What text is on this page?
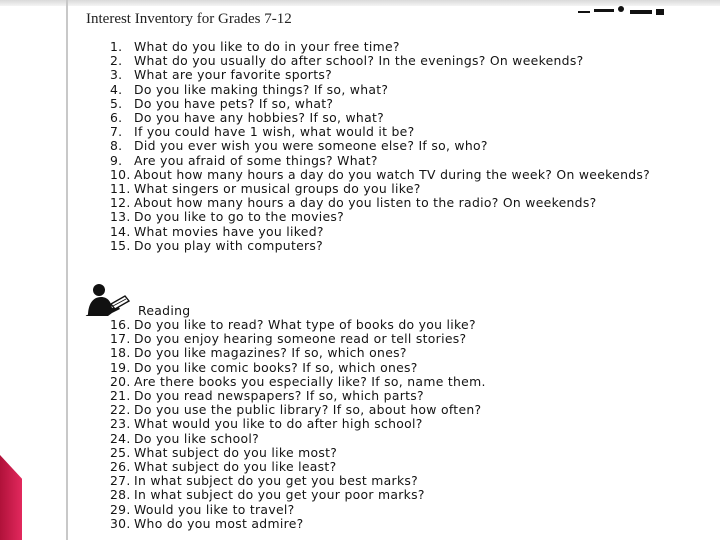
Interest Inventory for Grades 7-12
1. What do you like to do in your free time?
2. What do you usually do after school? In the evenings? On weekends?
3. What are your favorite sports?
4. Do you like making things? If so, what?
5. Do you have pets? If so, what?
6. Do you have any hobbies? If so, what?
7. If you could have 1 wish, what would it be?
8. Did you ever wish you were someone else? If so, who?
9. Are you afraid of some things? What?
10. About how many hours a day do you watch TV during the week? On weekends?
11. What singers or musical groups do you like?
12. About how many hours a day do you listen to the radio? On weekends?
13. Do you like to go to the movies?
14. What movies have you liked?
15. Do you play with computers?
Reading
16. Do you like to read? What type of books do you like?
17. Do you enjoy hearing someone read or tell stories?
18. Do you like magazines? If so, which ones?
19. Do you like comic books? If so, which ones?
20. Are there books you especially like? If so, name them.
21. Do you read newspapers? If so, which parts?
22. Do you use the public library? If so, about how often?
23. What would you like to do after high school?
24. Do you like school?
25. What subject do you like most?
26. What subject do you like least?
27. In what subject do you get you best marks?
28. In what subject do you get your poor marks?
29. Would you like to travel?
30. Who do you most admire?
